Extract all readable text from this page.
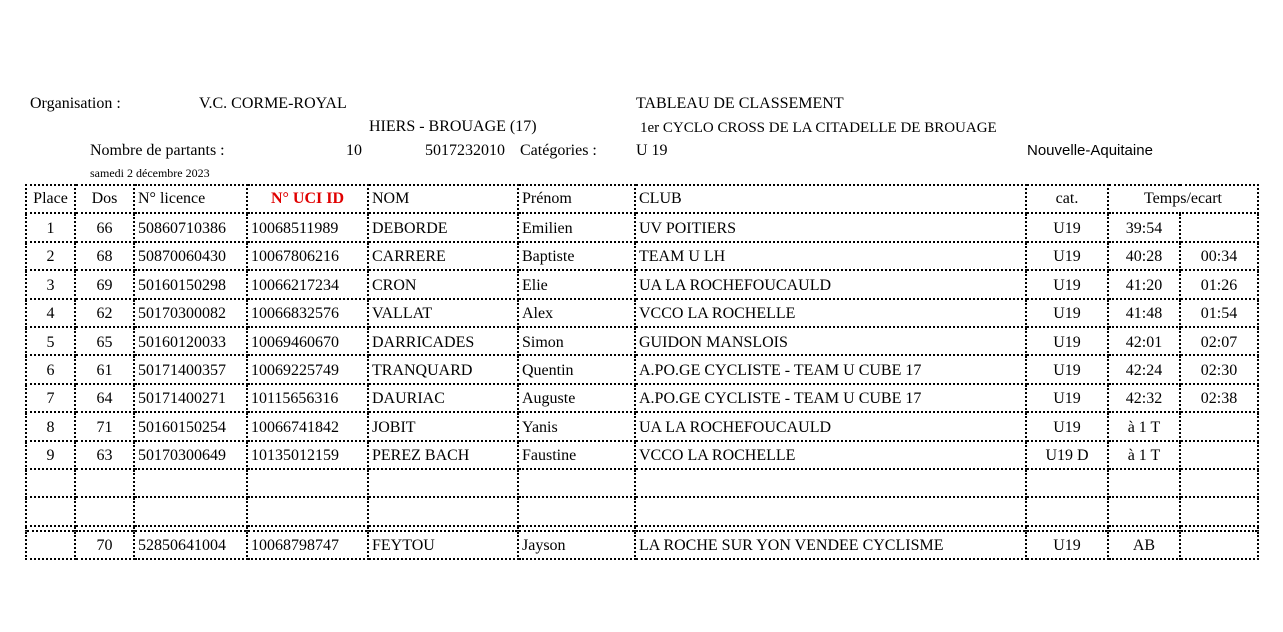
Organisation :	V.C. CORME-ROYAL	TABLEAU DE CLASSEMENT
HIERS - BROUAGE (17)	1er CYCLO CROSS DE LA CITADELLE DE BROUAGE
Nombre de partants :	10	5017232010 Catégories : U 19	Nouvelle-Aquitaine
samedi 2 décembre 2023
Place	Dos	N° licence	N° UCI ID	NOM	Prénom	CLUB	cat.	Temps/ecart	
1	66	50860710386	10068511989	DEBORDE	Emilien	UV POITIERS	U19	39:54	
2	68	50870060430	10067806216	CARRERE	Baptiste	TEAM U LH	U19	40:28	00:34
3	69	50160150298	10066217234	CRON	Elie	UA LA ROCHEFOUCAULD	U19	41:20	01:26
4	62	50170300082	10066832576	VALLAT	Alex	VCCO LA ROCHELLE	U19	41:48	01:54
5	65	50160120033	10069460670	DARRICADES	Simon	GUIDON MANSLOIS	U19	42:01	02:07
6	61	50171400357	10069225749	TRANQUARD	Quentin	A.PO.GE CYCLISTE - TEAM U CUBE 17	U19	42:24	02:30
7	64	50171400271	10115656316	DAURIAC	Auguste	A.PO.GE CYCLISTE - TEAM U CUBE 17	U19	42:32	02:38
8	71	50160150254	10066741842	JOBIT	Yanis	UA LA ROCHEFOUCAULD	U19	à 1 T	
9	63	50170300649	10135012159	PEREZ BACH	Faustine	VCCO LA ROCHELLE	U19 D	à 1 T	

	70	52850641004	10068798747	FEYTOU	Jayson	LA ROCHE SUR YON VENDEE CYCLISME	U19	AB	
